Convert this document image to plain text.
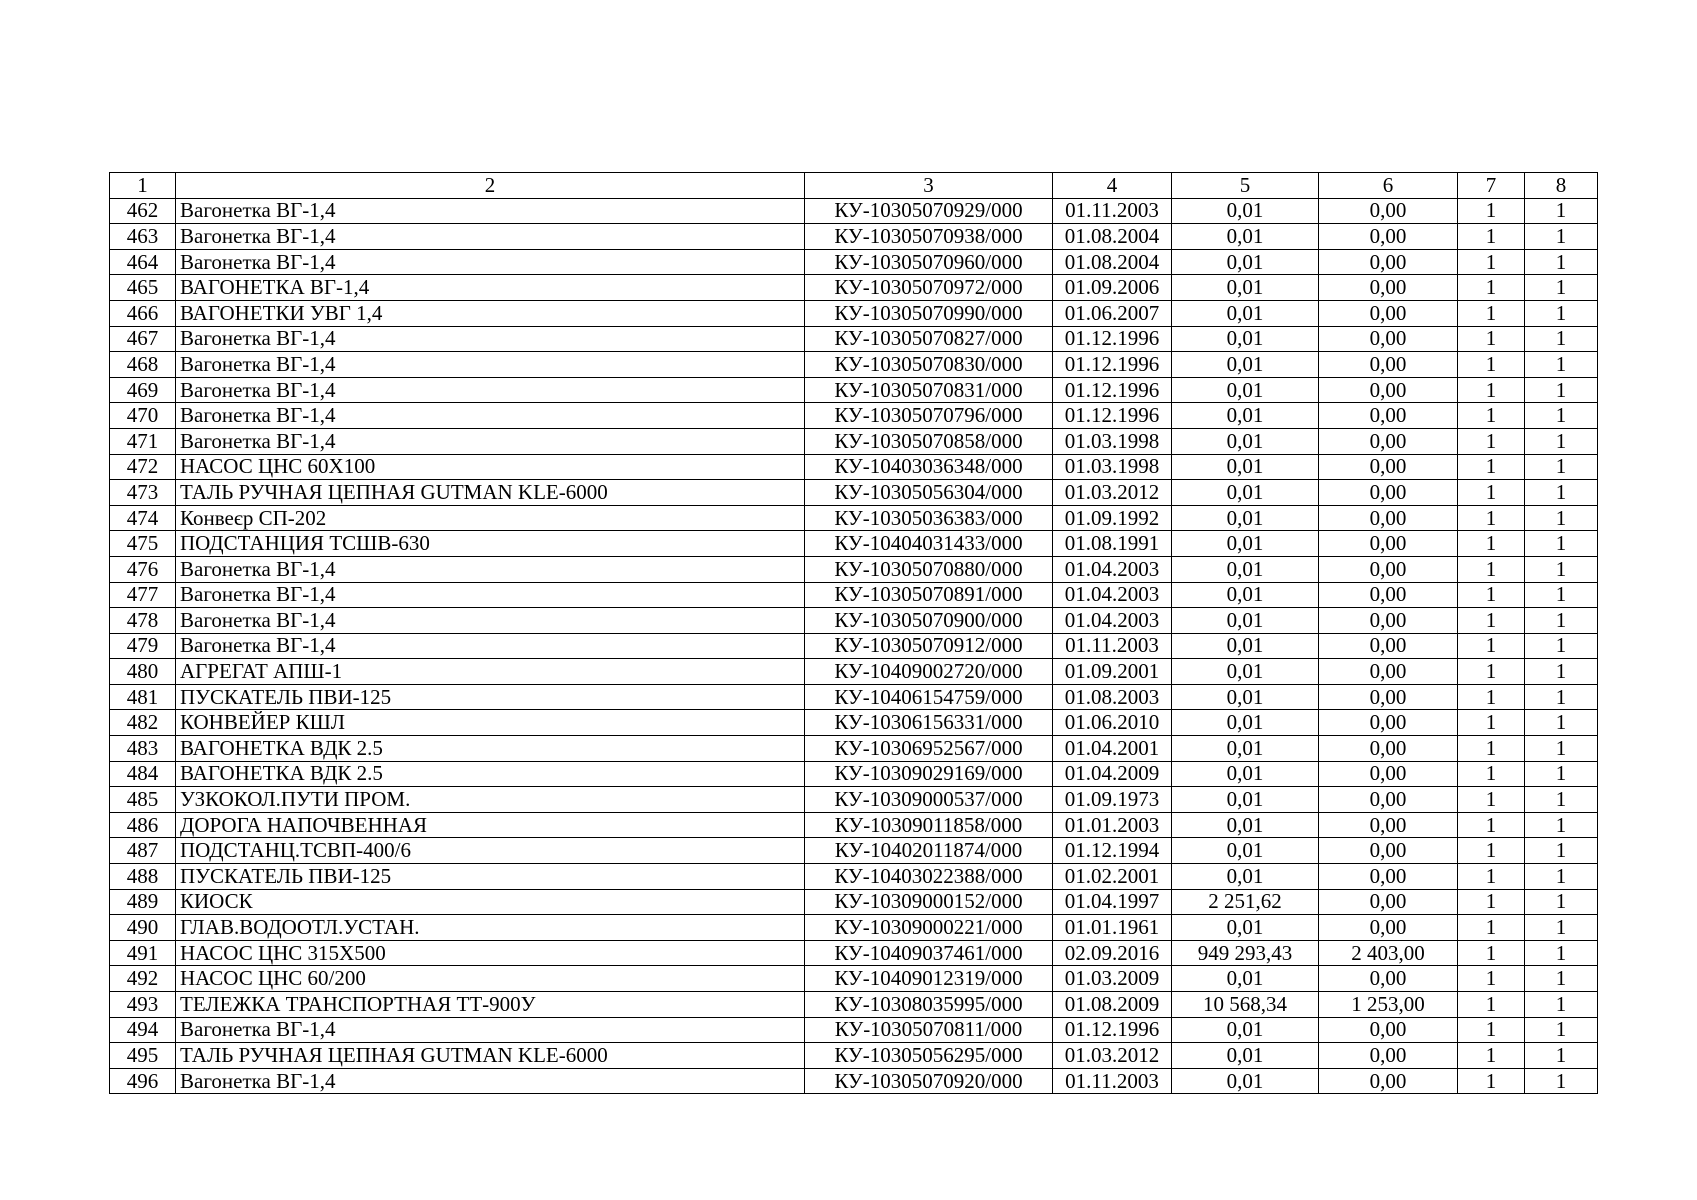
1	2	3	4	5	6	7	8
462	Вагонетка ВГ-1,4	КУ-10305070929/000	01.11.2003	0,01	0,00	1	1
463	Вагонетка ВГ-1,4	КУ-10305070938/000	01.08.2004	0,01	0,00	1	1
464	Вагонетка ВГ-1,4	КУ-10305070960/000	01.08.2004	0,01	0,00	1	1
465	ВАГОНЕТКА ВГ-1,4	КУ-10305070972/000	01.09.2006	0,01	0,00	1	1
466	ВАГОНЕТКИ УВГ 1,4	КУ-10305070990/000	01.06.2007	0,01	0,00	1	1
467	Вагонетка ВГ-1,4	КУ-10305070827/000	01.12.1996	0,01	0,00	1	1
468	Вагонетка ВГ-1,4	КУ-10305070830/000	01.12.1996	0,01	0,00	1	1
469	Вагонетка ВГ-1,4	КУ-10305070831/000	01.12.1996	0,01	0,00	1	1
470	Вагонетка ВГ-1,4	КУ-10305070796/000	01.12.1996	0,01	0,00	1	1
471	Вагонетка ВГ-1,4	КУ-10305070858/000	01.03.1998	0,01	0,00	1	1
472	НАСОС ЦНС 60Х100	КУ-10403036348/000	01.03.1998	0,01	0,00	1	1
473	ТАЛЬ РУЧНАЯ ЦЕПНАЯ GUTMAN KLE-6000	КУ-10305056304/000	01.03.2012	0,01	0,00	1	1
474	Конвеєр СП-202	КУ-10305036383/000	01.09.1992	0,01	0,00	1	1
475	ПОДСТАНЦИЯ ТСШВ-630	КУ-10404031433/000	01.08.1991	0,01	0,00	1	1
476	Вагонетка ВГ-1,4	КУ-10305070880/000	01.04.2003	0,01	0,00	1	1
477	Вагонетка ВГ-1,4	КУ-10305070891/000	01.04.2003	0,01	0,00	1	1
478	Вагонетка ВГ-1,4	КУ-10305070900/000	01.04.2003	0,01	0,00	1	1
479	Вагонетка ВГ-1,4	КУ-10305070912/000	01.11.2003	0,01	0,00	1	1
480	АГРЕГАТ АПШ-1	КУ-10409002720/000	01.09.2001	0,01	0,00	1	1
481	ПУСКАТЕЛЬ ПВИ-125	КУ-10406154759/000	01.08.2003	0,01	0,00	1	1
482	КОНВЕЙЕР КШЛ	КУ-10306156331/000	01.06.2010	0,01	0,00	1	1
483	ВАГОНЕТКА ВДК 2.5	КУ-10306952567/000	01.04.2001	0,01	0,00	1	1
484	ВАГОНЕТКА ВДК 2.5	КУ-10309029169/000	01.04.2009	0,01	0,00	1	1
485	УЗКОКОЛ.ПУТИ ПРОМ.	КУ-10309000537/000	01.09.1973	0,01	0,00	1	1
486	ДОРОГА НАПОЧВЕННАЯ	КУ-10309011858/000	01.01.2003	0,01	0,00	1	1
487	ПОДСТАНЦ.ТСВП-400/6	КУ-10402011874/000	01.12.1994	0,01	0,00	1	1
488	ПУСКАТЕЛЬ ПВИ-125	КУ-10403022388/000	01.02.2001	0,01	0,00	1	1
489	КИОСК	КУ-10309000152/000	01.04.1997	2 251,62	0,00	1	1
490	ГЛАВ.ВОДООТЛ.УСТАН.	КУ-10309000221/000	01.01.1961	0,01	0,00	1	1
491	НАСОС ЦНС 315Х500	КУ-10409037461/000	02.09.2016	949 293,43	2 403,00	1	1
492	НАСОС ЦНС 60/200	КУ-10409012319/000	01.03.2009	0,01	0,00	1	1
493	ТЕЛЕЖКА ТРАНСПОРТНАЯ ТТ-900У	КУ-10308035995/000	01.08.2009	10 568,34	1 253,00	1	1
494	Вагонетка ВГ-1,4	КУ-10305070811/000	01.12.1996	0,01	0,00	1	1
495	ТАЛЬ РУЧНАЯ ЦЕПНАЯ GUTMAN KLE-6000	КУ-10305056295/000	01.03.2012	0,01	0,00	1	1
496	Вагонетка ВГ-1,4	КУ-10305070920/000	01.11.2003	0,01	0,00	1	1
